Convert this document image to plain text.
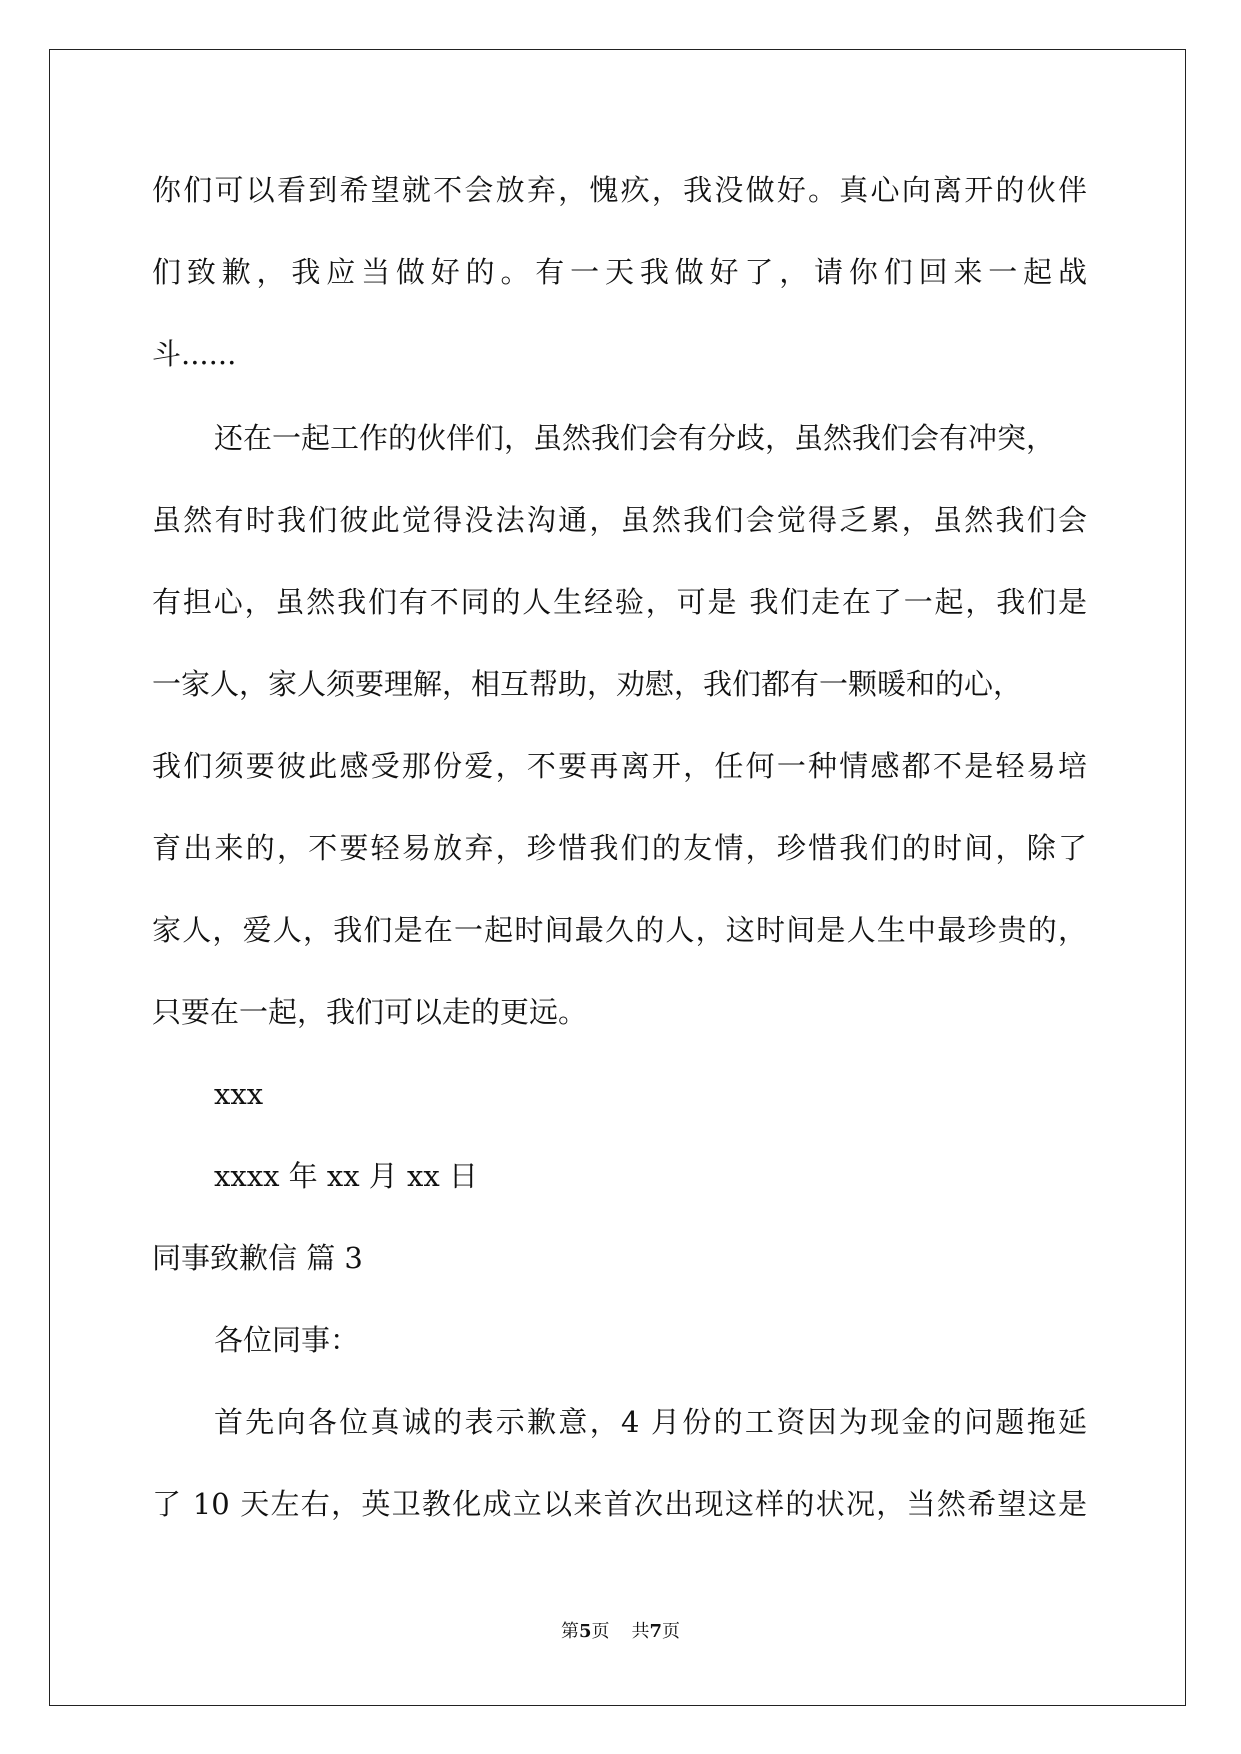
你们可以看到希望就不会放弃，愧疚，我没做好。真心向离开的伙伴

们致歉，我应当做好的。有一天我做好了，请你们回来一起战

斗......

还在一起工作的伙伴们，虽然我们会有分歧，虽然我们会有冲突，

虽然有时我们彼此觉得没法沟通，虽然我们会觉得乏累，虽然我们会

有担心，虽然我们有不同的人生经验，可是 我们走在了一起，我们是

一家人，家人须要理解，相互帮助，劝慰，我们都有一颗暖和的心，

我们须要彼此感受那份爱，不要再离开，任何一种情感都不是轻易培

育出来的，不要轻易放弃，珍惜我们的友情，珍惜我们的时间，除了

家人，爱人，我们是在一起时间最久的人，这时间是人生中最珍贵的，

只要在一起，我们可以走的更远。

xxx

xxxx 年 xx 月 xx 日

同事致歉信 篇 3

各位同事：

首先向各位真诚的表示歉意，4 月份的工资因为现金的问题拖延

了 10 天左右，英卫教化成立以来首次出现这样的状况，当然希望这是

第5页 共7页
